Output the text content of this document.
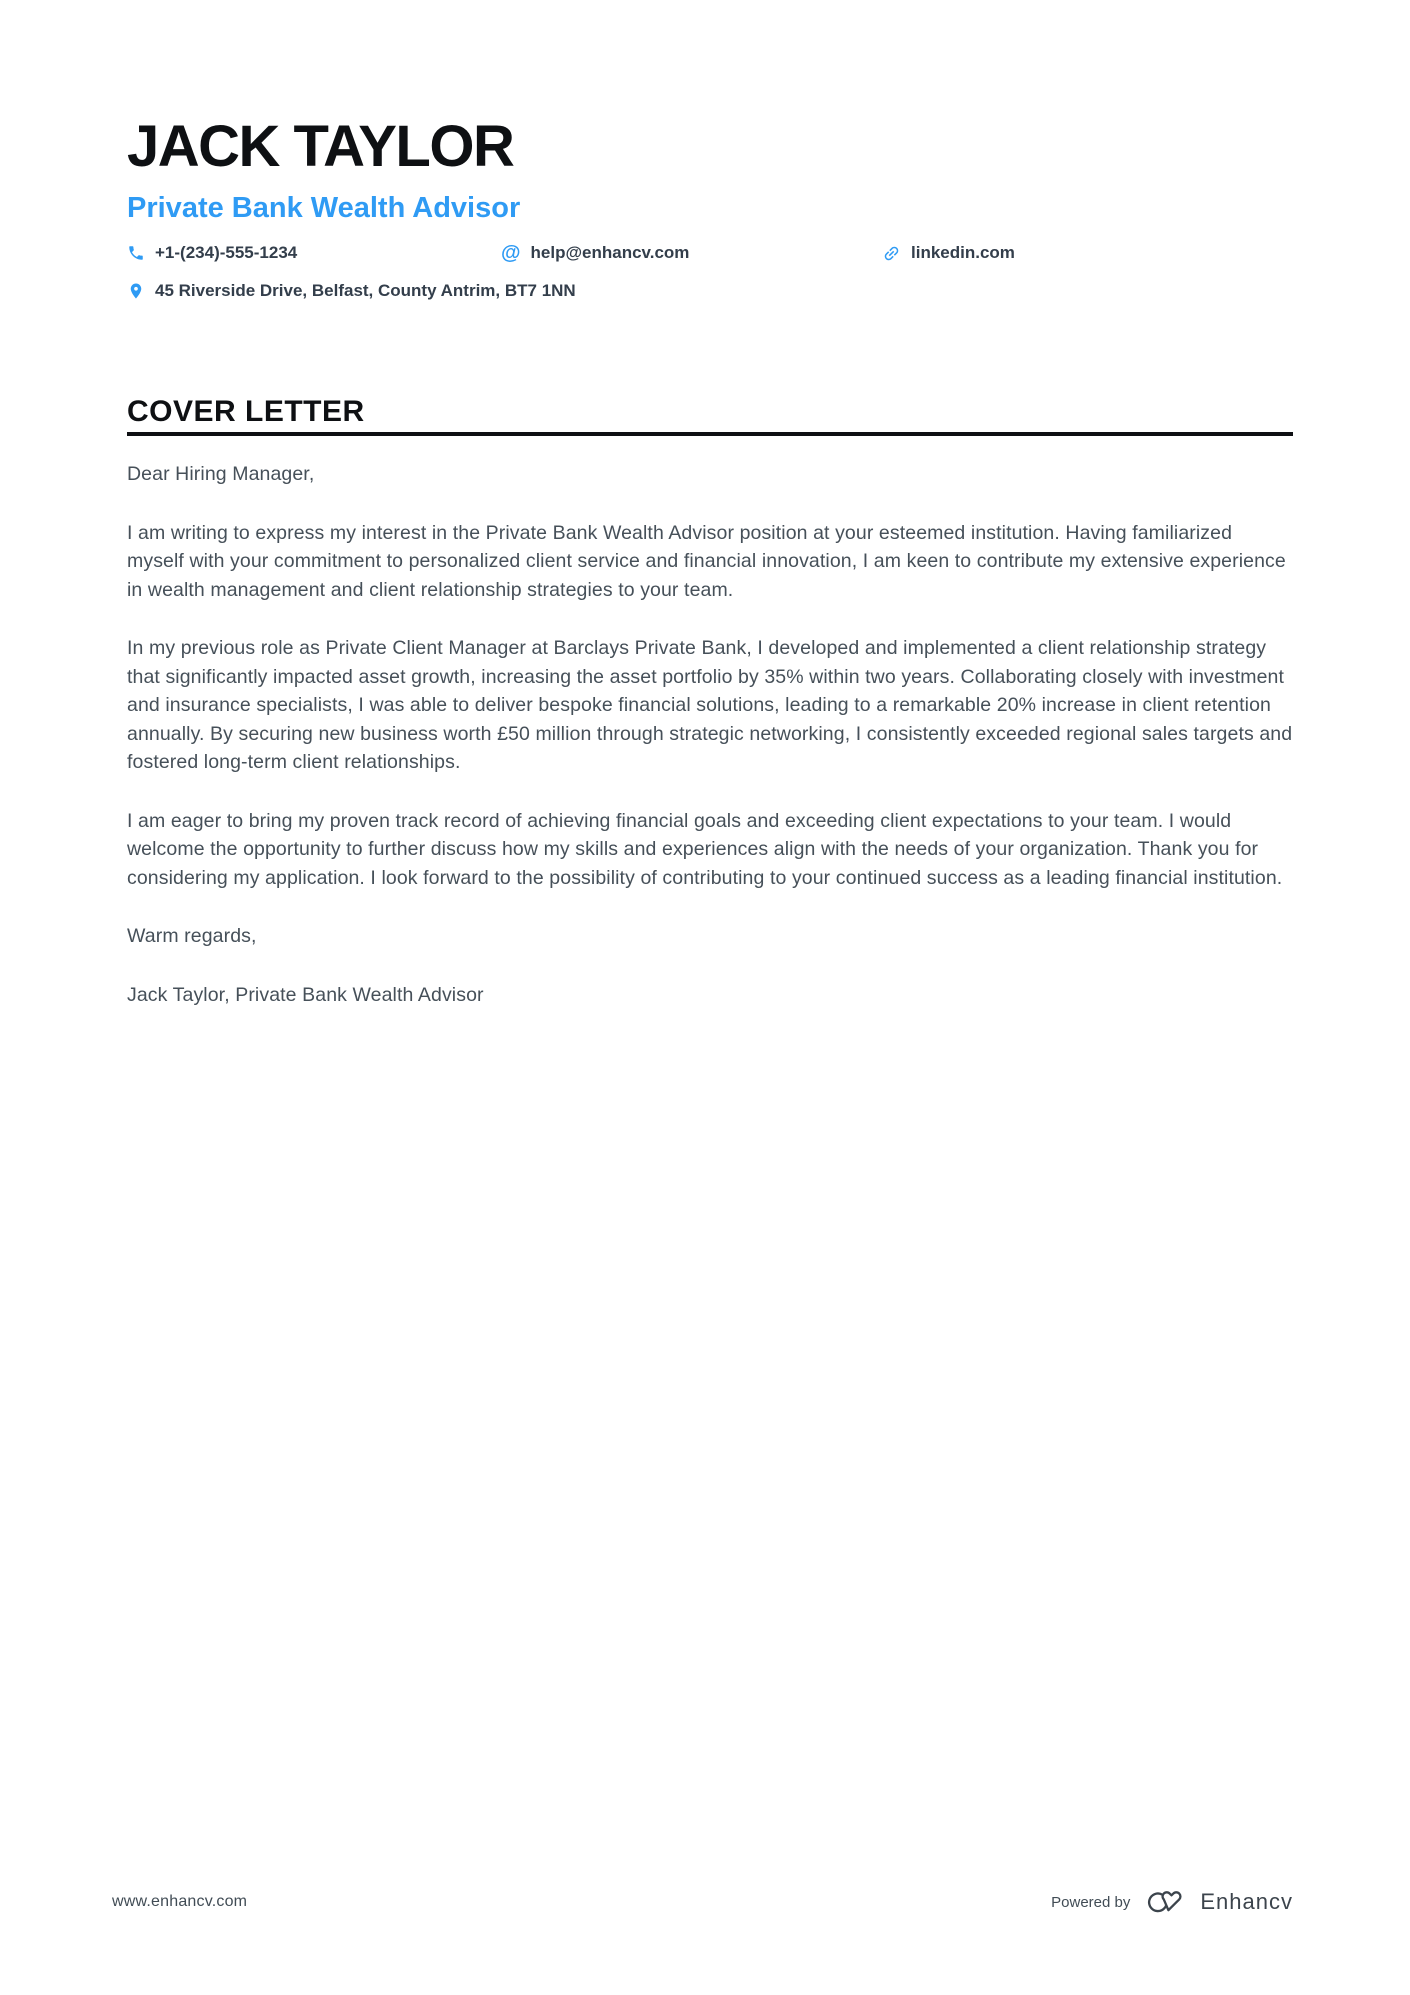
JACK TAYLOR
Private Bank Wealth Advisor
+1-(234)-555-1234	@ help@enhancv.com	linkedin.com
45 Riverside Drive, Belfast, County Antrim, BT7 1NN
COVER LETTER

Dear Hiring Manager,

I am writing to express my interest in the Private Bank Wealth Advisor position at your esteemed institution. Having familiarized myself with your commitment to personalized client service and financial innovation, I am keen to contribute my extensive experience in wealth management and client relationship strategies to your team.

In my previous role as Private Client Manager at Barclays Private Bank, I developed and implemented a client relationship strategy that significantly impacted asset growth, increasing the asset portfolio by 35% within two years. Collaborating closely with investment and insurance specialists, I was able to deliver bespoke financial solutions, leading to a remarkable 20% increase in client retention annually. By securing new business worth £50 million through strategic networking, I consistently exceeded regional sales targets and fostered long-term client relationships.

I am eager to bring my proven track record of achieving financial goals and exceeding client expectations to your team. I would welcome the opportunity to further discuss how my skills and experiences align with the needs of your organization. Thank you for considering my application. I look forward to the possibility of contributing to your continued success as a leading financial institution.

Warm regards,

Jack Taylor, Private Bank Wealth Advisor

www.enhancv.com	Powered by	Enhancv
